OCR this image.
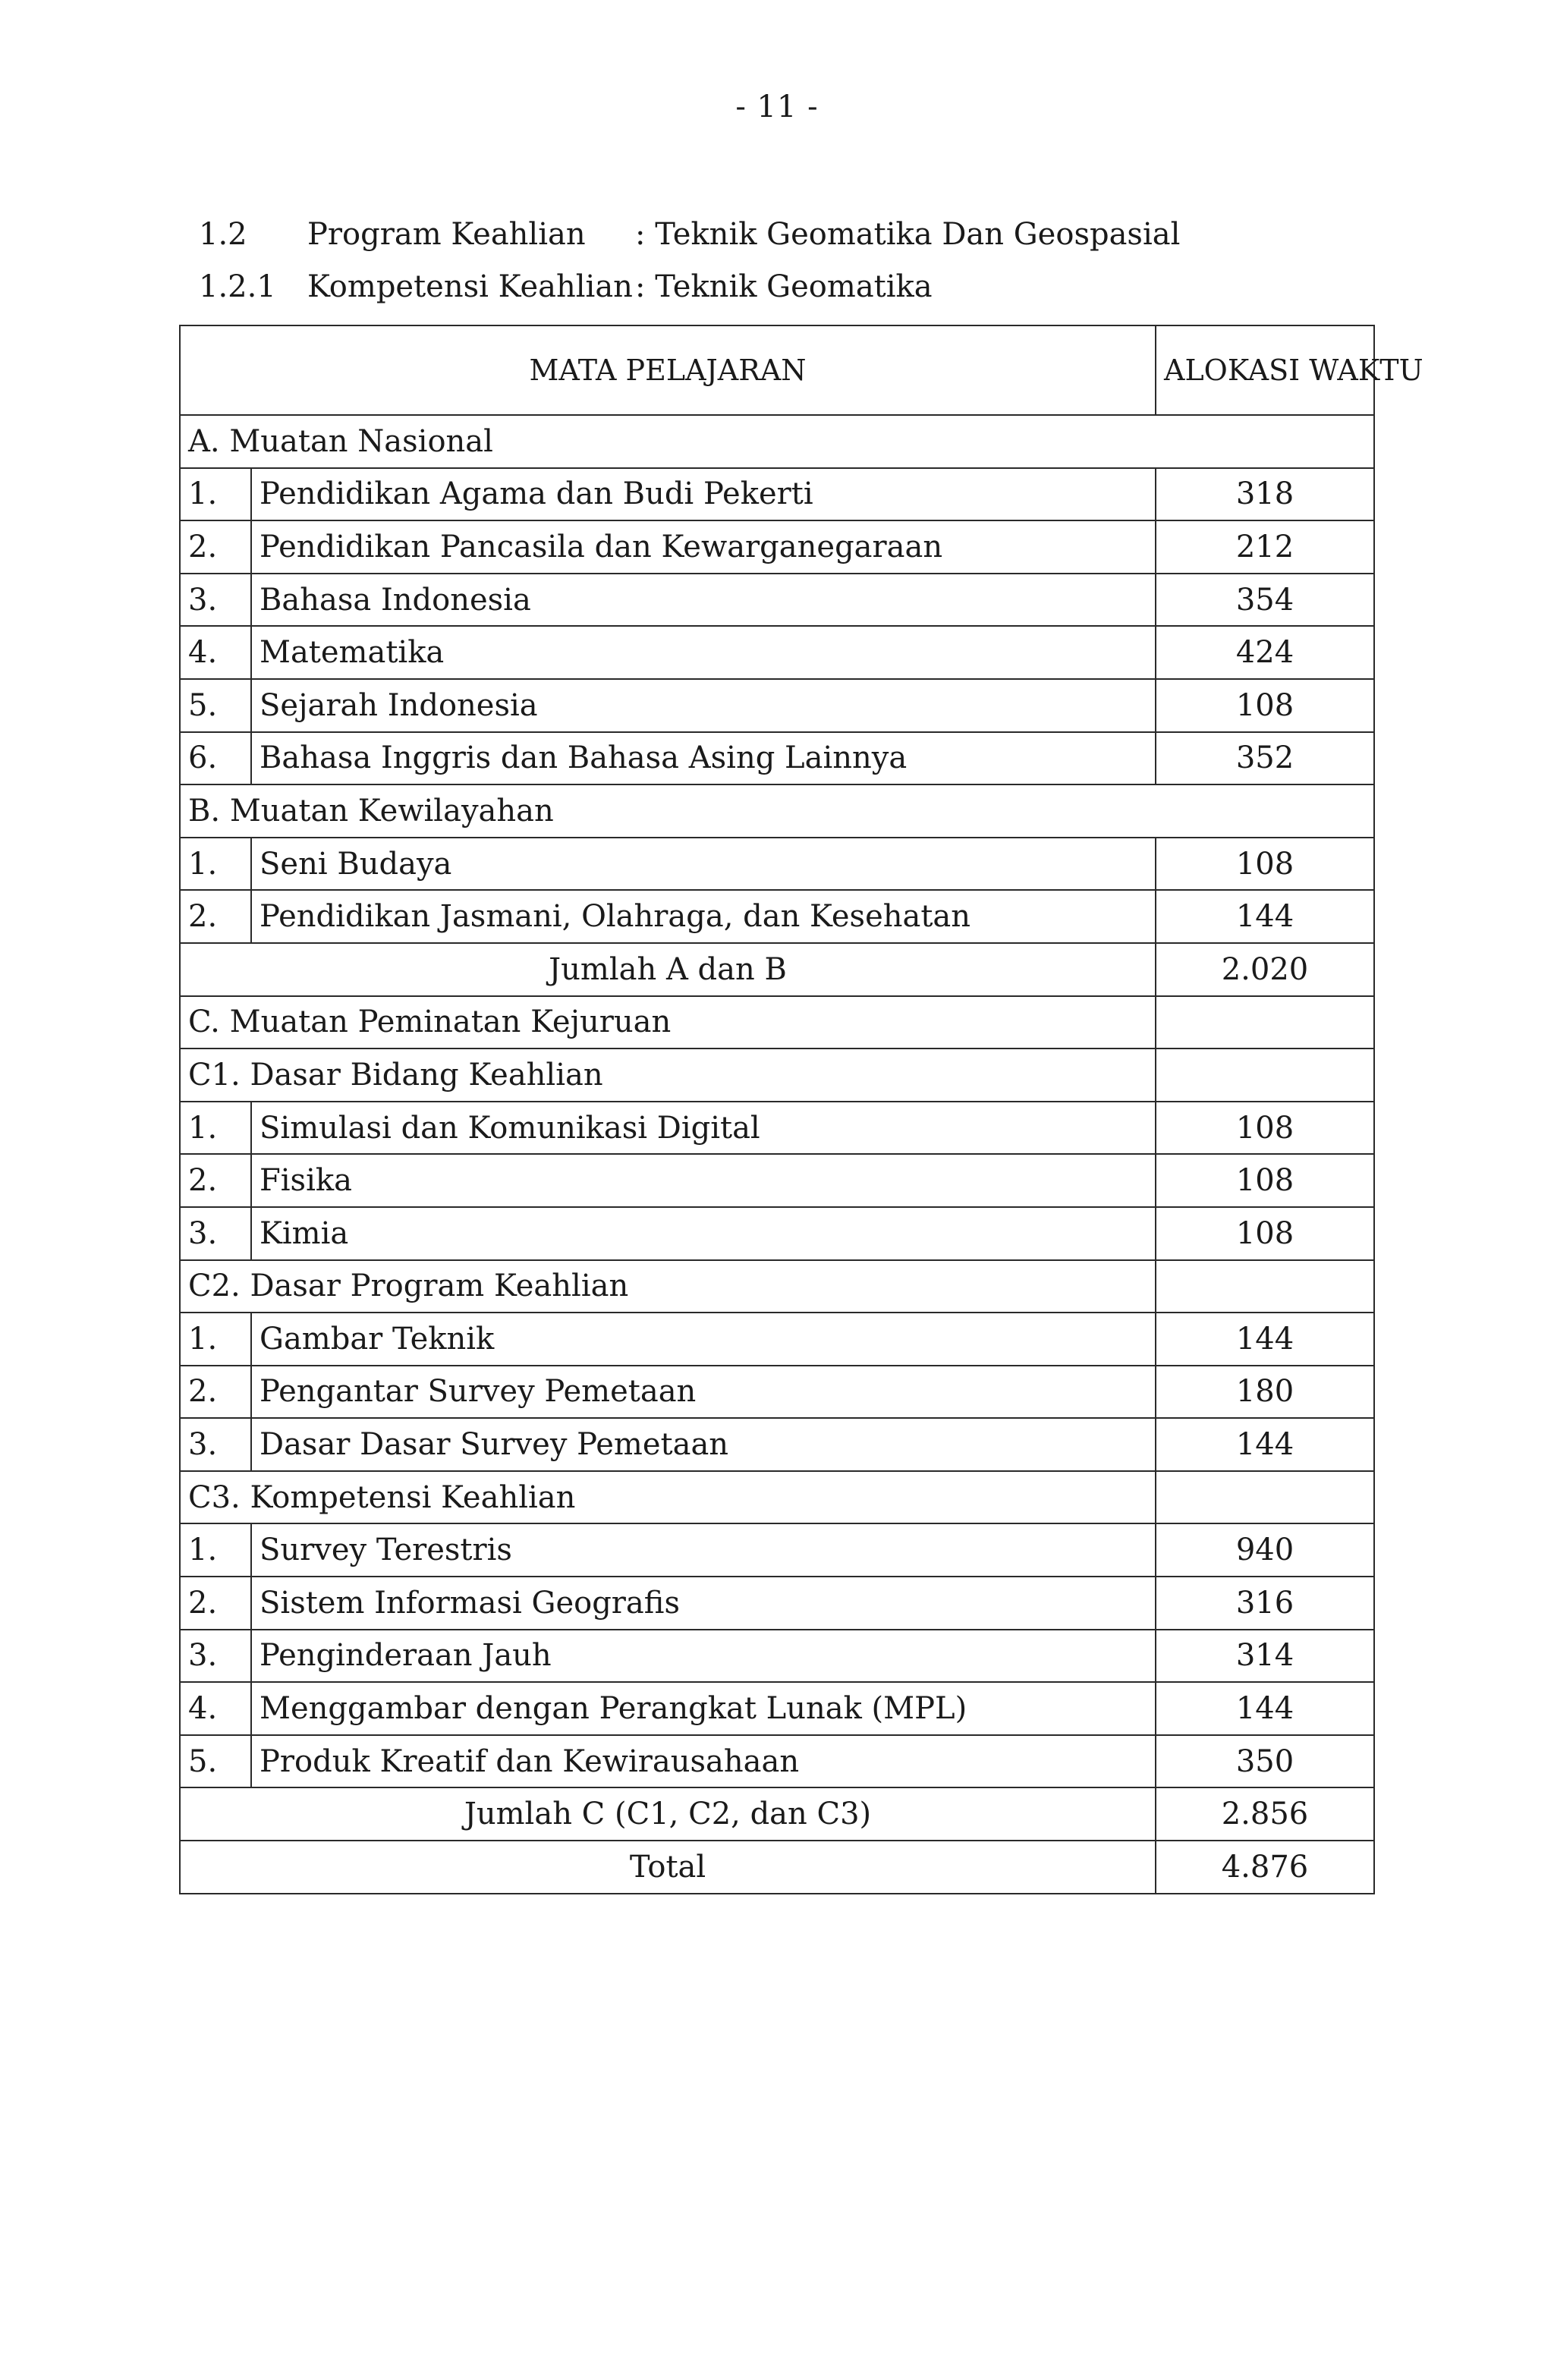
- 11 -
1.2 Program Keahlian : Teknik Geomatika Dan Geospasial
1.2.1 Kompetensi Keahlian : Teknik Geomatika
MATA PELAJARAN		ALOKASI WAKTU
A. Muatan Nasional		
1.	Pendidikan Agama dan Budi Pekerti	318
2.	Pendidikan Pancasila dan Kewarganegaraan	212
3.	Bahasa Indonesia	354
4.	Matematika	424
5.	Sejarah Indonesia	108
6.	Bahasa Inggris dan Bahasa Asing Lainnya	352
B. Muatan Kewilayahan		
1.	Seni Budaya	108
2.	Pendidikan Jasmani, Olahraga, dan Kesehatan	144
Jumlah A dan B		2.020
C. Muatan Peminatan Kejuruan		
C1. Dasar Bidang Keahlian		
1.	Simulasi dan Komunikasi Digital	108
2.	Fisika	108
3.	Kimia	108
C2. Dasar Program Keahlian		
1.	Gambar Teknik	144
2.	Pengantar Survey Pemetaan	180
3.	Dasar Dasar Survey Pemetaan	144
C3. Kompetensi Keahlian		
1.	Survey Terestris	940
2.	Sistem Informasi Geografis	316
3.	Penginderaan Jauh	314
4.	Menggambar dengan Perangkat Lunak (MPL)	144
5.	Produk Kreatif dan Kewirausahaan	350
Jumlah C (C1, C2, dan C3)		2.856
Total		4.876
